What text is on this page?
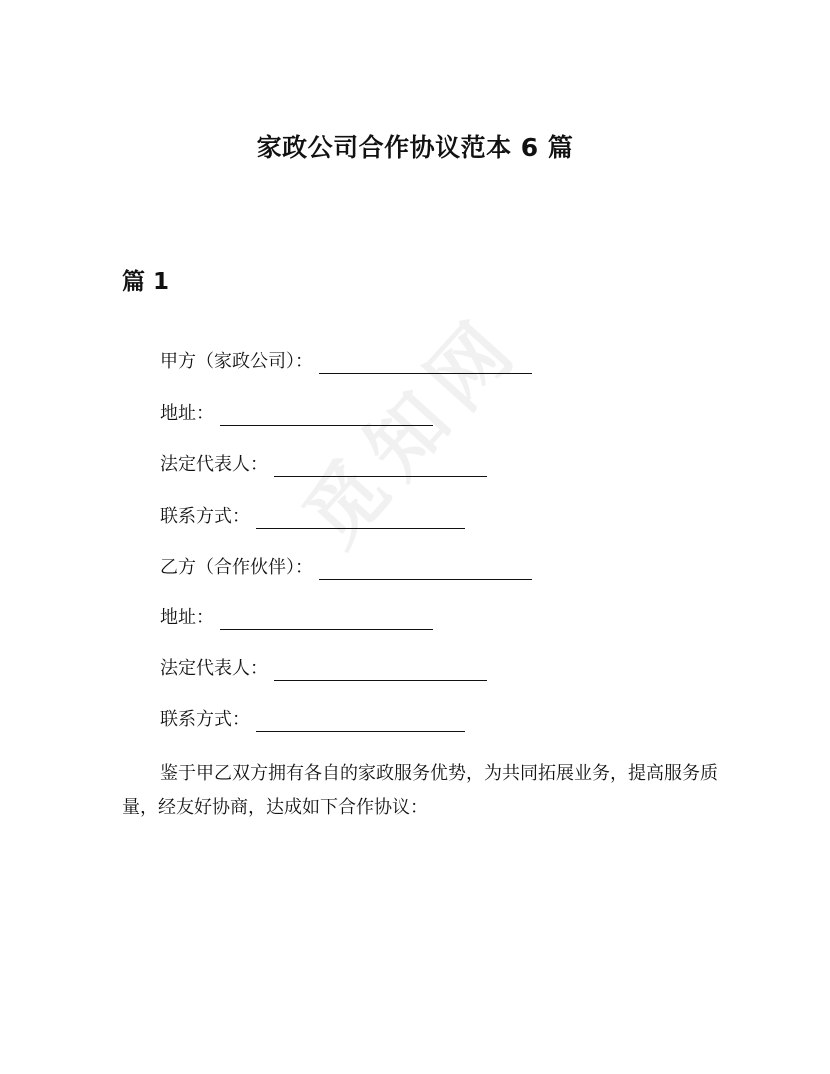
觅知网
家政公司合作协议范本 6 篇
篇 1
甲方（家政公司）：
地址：
法定代表人：
联系方式：
乙方（合作伙伴）：
地址：
法定代表人：
联系方式：

鉴于甲乙双方拥有各自的家政服务优势，为共同拓展业务，提高服务质量，经友好协商，达成如下合作协议：
